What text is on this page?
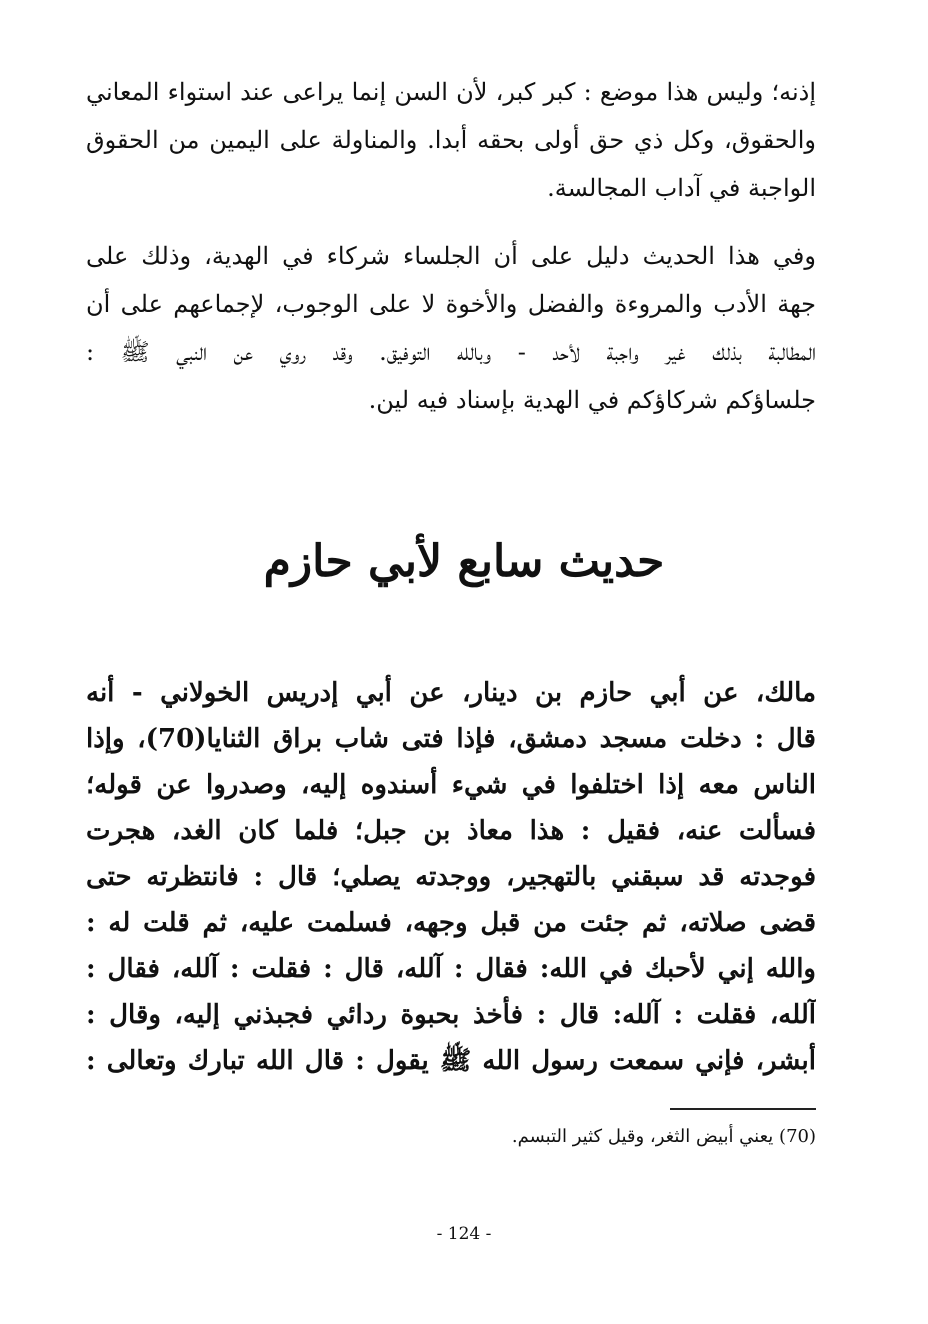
إذنه؛ وليس هذا موضع : كبر كبر، لأن السن إنما يراعى عند استواء المعاني
والحقوق، وكل ذي حق أولى بحقه أبدا. والمناولة على اليمين من الحقوق
الواجبة في آداب المجالسة.
وفي هذا الحديث دليل على أن الجلساء شركاء في الهدية، وذلك على
جهة الأدب والمروءة والفضل والأخوة لا على الوجوب، لإجماعهم على أن
المطالبة بذلك غير واجبة لأحد - وبالله التوفيق. وقد روي عن النبي ﷺ :
جلساؤكم شركاؤكم في الهدية بإسناد فيه لين.
حديث سابع لأبي حازم
مالك، عن أبي حازم بن دينار، عن أبي إدريس الخولاني - أنه
قال : دخلت مسجد دمشق، فإذا فتى شاب براق الثنايا(70)، وإذا
الناس معه إذا اختلفوا في شيء أسندوه إليه، وصدروا عن قوله؛
فسألت عنه، فقيل : هذا معاذ بن جبل؛ فلما كان الغد، هجرت
فوجدته قد سبقني بالتهجير، ووجدته يصلي؛ قال : فانتظرته حتى
قضى صلاته، ثم جئت من قبل وجهه، فسلمت عليه، ثم قلت له :
والله إني لأحبك في الله: فقال : آلله، قال : فقلت : آلله، فقال :
آلله، فقلت : آلله: قال : فأخذ بحبوة ردائي فجبذني إليه، وقال :
أبشر، فإني سمعت رسول الله ﷺ يقول : قال الله تبارك وتعالى :
(70) يعني أبيض الثغر، وقيل كثير التبسم.
- 124 -
